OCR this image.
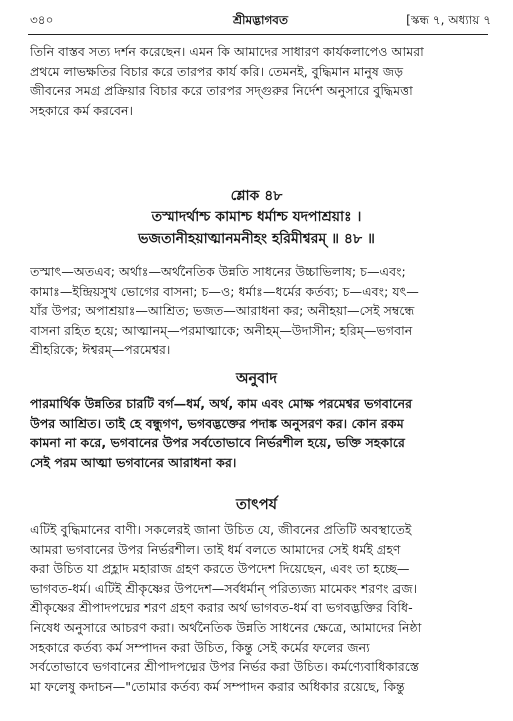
৩৪০	শ্রীমদ্ভাগবত	[স্কন্ধ ৭, অধ্যায় ৭
তিনি বাস্তব সত্য দর্শন করেছেন। এমন কি আমাদের সাধারণ কার্যকলাপেও আমরা
প্রথমে লাভক্ষতির বিচার করে তারপর কার্য করি। তেমনই, বুদ্ধিমান মানুষ জড়
জীবনের সমগ্র প্রক্রিয়ার বিচার করে তারপর সদ্গুরুর নির্দেশ অনুসারে বুদ্ধিমত্তা
সহকারে কর্ম করবেন।
শ্লোক ৪৮
তস্মাদর্থাশ্চ কামাশ্চ ধর্মাশ্চ যদপাশ্রয়াঃ ।
ভজতানীহয়াত্মানমনীহং হরিমীশ্বরম্ ॥ ৪৮ ॥
তস্মাৎ—অতএব; অর্থাঃ—অর্থনৈতিক উন্নতি সাধনের উচ্চাভিলাষ; চ—এবং;
কামাঃ—ইন্দ্রিয়সুখ ভোগের বাসনা; চ—ও; ধর্মাঃ—ধর্মের কর্তব্য; চ—এবং; যৎ—
যাঁর উপর; অপাশ্রয়াঃ—আশ্রিত; ভজত—আরাধনা কর; অনীহয়া—সেই সম্বন্ধে
বাসনা রহিত হয়ে; আত্মানম্—পরমাত্মাকে; অনীহম্—উদাসীন; হরিম্—ভগবান
শ্রীহরিকে; ঈশ্বরম্—পরমেশ্বর।
অনুবাদ
পারমার্থিক উন্নতির চারটি বর্গ—ধর্ম, অর্থ, কাম এবং মোক্ষ পরমেশ্বর ভগবানের
উপর আশ্রিত। তাই হে বন্ধুগণ, ভগবদ্ভক্তের পদাঙ্ক অনুসরণ কর। কোন রকম
কামনা না করে, ভগবানের উপর সর্বতোভাবে নির্ভরশীল হয়ে, ভক্তি সহকারে
সেই পরম আত্মা ভগবানের আরাধনা কর।
তাৎপর্য
এটিই বুদ্ধিমানের বাণী। সকলেরই জানা উচিত যে, জীবনের প্রতিটি অবস্থাতেই
আমরা ভগবানের উপর নির্ভরশীল। তাই ধর্ম বলতে আমাদের সেই ধর্মই গ্রহণ
করা উচিত যা প্রহ্লাদ মহারাজ গ্রহণ করতে উপদেশ দিয়েছেন, এবং তা হচ্ছে—
ভাগবত-ধর্ম। এটিই শ্রীকৃষ্ণের উপদেশ—সর্বধর্মান্ পরিত্যজ্য মামেকং শরণং ব্রজ।
শ্রীকৃষ্ণের শ্রীপাদপদ্মের শরণ গ্রহণ করার অর্থ ভাগবত-ধর্ম বা ভগবদ্ভক্তির বিধি-
নিষেধ অনুসারে আচরণ করা। অর্থনৈতিক উন্নতি সাধনের ক্ষেত্রে, আমাদের নিষ্ঠা
সহকারে কর্তব্য কর্ম সম্পাদন করা উচিত, কিন্তু সেই কর্মের ফলের জন্য
সর্বতোভাবে ভগবানের শ্রীপাদপদ্মের উপর নির্ভর করা উচিত। কর্মণ্যেবাধিকারস্তে
মা ফলেষু কদাচন—"তোমার কর্তব্য কর্ম সম্পাদন করার অধিকার রয়েছে, কিন্তু
